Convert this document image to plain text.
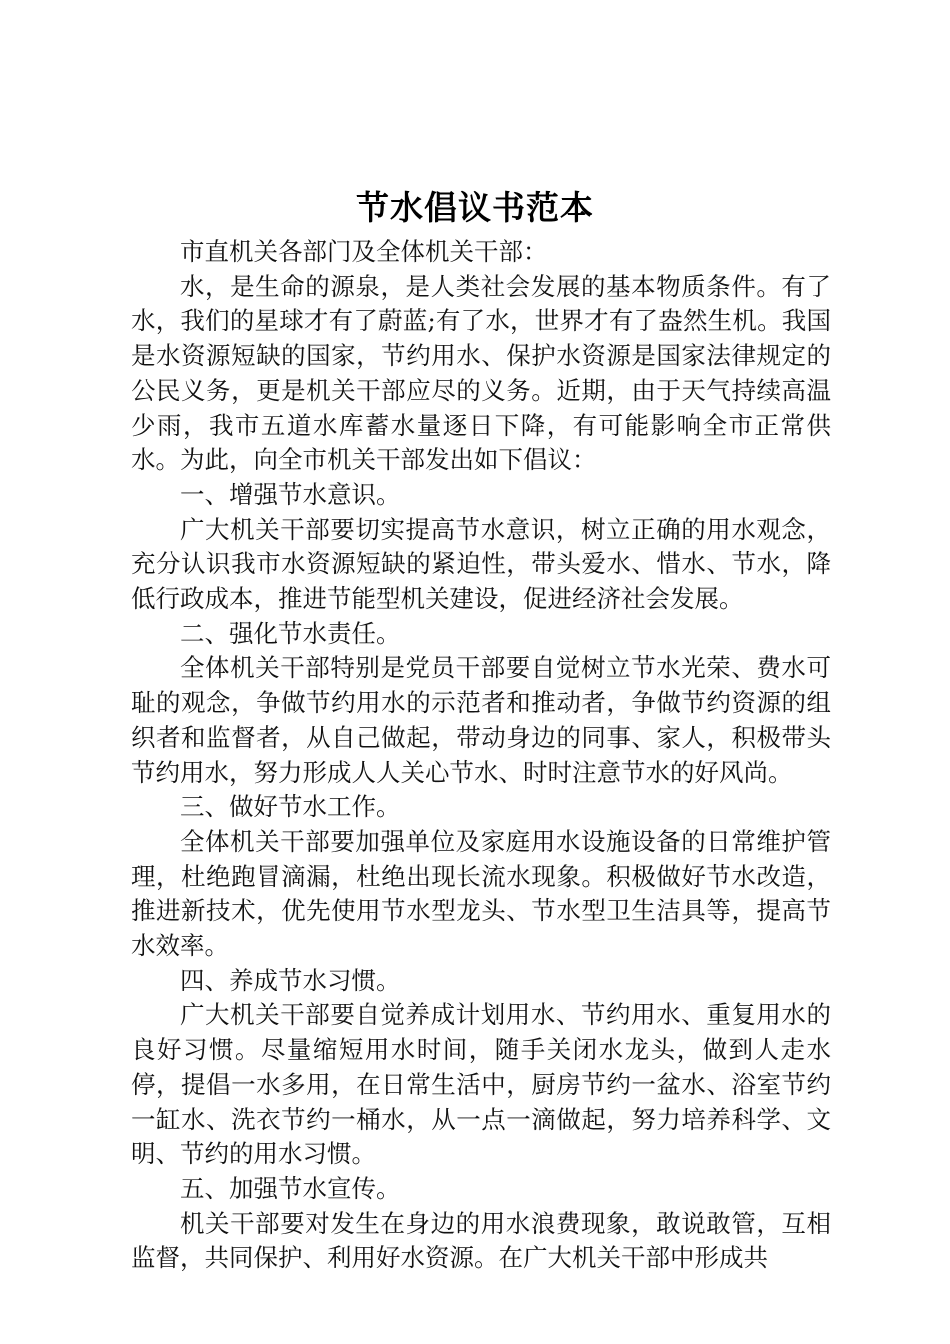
节水倡议书范本

市直机关各部门及全体机关干部：

水，是生命的源泉，是人类社会发展的基本物质条件。有了水，我们的星球才有了蔚蓝;有了水，世界才有了盎然生机。我国是水资源短缺的国家，节约用水、保护水资源是国家法律规定的公民义务，更是机关干部应尽的义务。近期，由于天气持续高温少雨，我市五道水库蓄水量逐日下降，有可能影响全市正常供水。为此，向全市机关干部发出如下倡议：

一、增强节水意识。

广大机关干部要切实提高节水意识，树立正确的用水观念，充分认识我市水资源短缺的紧迫性，带头爱水、惜水、节水，降低行政成本，推进节能型机关建设，促进经济社会发展。

二、强化节水责任。

全体机关干部特别是党员干部要自觉树立节水光荣、费水可耻的观念，争做节约用水的示范者和推动者，争做节约资源的组织者和监督者，从自己做起，带动身边的同事、家人，积极带头节约用水，努力形成人人关心节水、时时注意节水的好风尚。

三、做好节水工作。

全体机关干部要加强单位及家庭用水设施设备的日常维护管理，杜绝跑冒滴漏，杜绝出现长流水现象。积极做好节水改造，推进新技术，优先使用节水型龙头、节水型卫生洁具等，提高节水效率。

四、养成节水习惯。

广大机关干部要自觉养成计划用水、节约用水、重复用水的良好习惯。尽量缩短用水时间，随手关闭水龙头，做到人走水停，提倡一水多用，在日常生活中，厨房节约一盆水、浴室节约一缸水、洗衣节约一桶水，从一点一滴做起，努力培养科学、文明、节约的用水习惯。

五、加强节水宣传。

机关干部要对发生在身边的用水浪费现象，敢说敢管，互相监督，共同保护、利用好水资源。在广大机关干部中形成共
